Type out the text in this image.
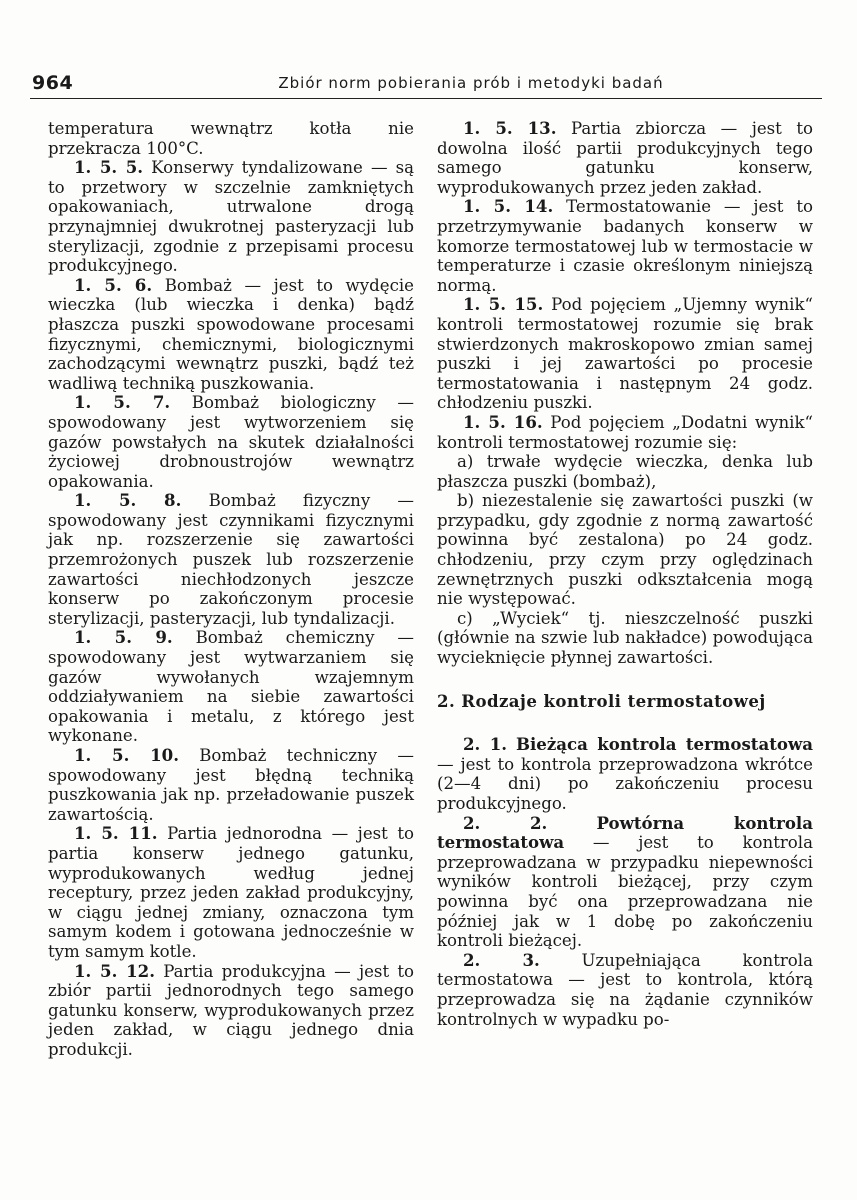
964	Zbiór norm pobierania prób i metodyki badań

temperatura wewnątrz kotła nie przekracza 100°C.

1. 5. 5. Konserwy tyndalizowane — są to przetwory w szczelnie zamkniętych opakowaniach, utrwalone drogą przynajmniej dwukrotnej pasteryzacji lub sterylizacji, zgodnie z przepisami procesu produkcyjnego.

1. 5. 6. Bombaż — jest to wydęcie wieczka (lub wieczka i denka) bądź płaszcza puszki spowodowane procesami fizycznymi, chemicznymi, biologicznymi zachodzącymi wewnątrz puszki, bądź też wadliwą techniką puszkowania.

1. 5. 7. Bombaż biologiczny — spowodowany jest wytworzeniem się gazów powstałych na skutek działalności życiowej drobnoustrojów wewnątrz opakowania.

1. 5. 8. Bombaż fizyczny — spowodowany jest czynnikami fizycznymi jak np. rozszerzenie się zawartości przemrożonych puszek lub rozszerzenie zawartości niechłodzonych jeszcze konserw po zakończonym procesie sterylizacji, pasteryzacji, lub tyndalizacji.

1. 5. 9. Bombaż chemiczny — spowodowany jest wytwarzaniem się gazów wywołanych wzajemnym oddziaływaniem na siebie zawartości opakowania i metalu, z którego jest wykonane.

1. 5. 10. Bombaż techniczny — spowodowany jest błędną techniką puszkowania jak np. przeładowanie puszek zawartością.

1. 5. 11. Partia jednorodna — jest to partia konserw jednego gatunku, wyprodukowanych według jednej receptury, przez jeden zakład produkcyjny, w ciągu jednej zmiany, oznaczona tym samym kodem i gotowana jednocześnie w tym samym kotle.

1. 5. 12. Partia produkcyjna — jest to zbiór partii jednorodnych tego samego gatunku konserw, wyprodukowanych przez jeden zakład, w ciągu jednego dnia produkcji.

1. 5. 13. Partia zbiorcza — jest to dowolna ilość partii produkcyjnych tego samego gatunku konserw, wyprodukowanych przez jeden zakład.

1. 5. 14. Termostatowanie — jest to przetrzymywanie badanych konserw w komorze termostatowej lub w termostacie w temperaturze i czasie określonym niniejszą normą.

1. 5. 15. Pod pojęciem „Ujemny wynik“ kontroli termostatowej rozumie się brak stwierdzonych makroskopowo zmian samej puszki i jej zawartości po procesie termostatowania i następnym 24 godz. chłodzeniu puszki.

1. 5. 16. Pod pojęciem „Dodatni wynik“ kontroli termostatowej rozumie się:

a) trwałe wydęcie wieczka, denka lub płaszcza puszki (bombaż),

b) niezestalenie się zawartości puszki (w przypadku, gdy zgodnie z normą zawartość powinna być zestalona) po 24 godz. chłodzeniu, przy czym przy oględzinach zewnętrznych puszki odkształcenia mogą nie występować.

c) „Wyciek“ tj. nieszczelność puszki (głównie na szwie lub nakładce) powodująca wycieknięcie płynnej zawartości.

2. Rodzaje kontroli termostatowej

2. 1. Bieżąca kontrola termostatowa — jest to kontrola przeprowadzona wkrótce (2—4 dni) po zakończeniu procesu produkcyjnego.

2. 2.	Powtórna kontrola termostatowa — jest to kontrola przeprowadzana w przypadku niepewności wyników kontroli bieżącej, przy czym powinna być ona przeprowadzana nie później jak w 1 dobę po zakończeniu kontroli bieżącej.

2. 3.	Uzupełniająca kontrola termostatowa — jest to kontrola, którą przeprowadza się na żądanie czynników kontrolnych w wypadku po-
